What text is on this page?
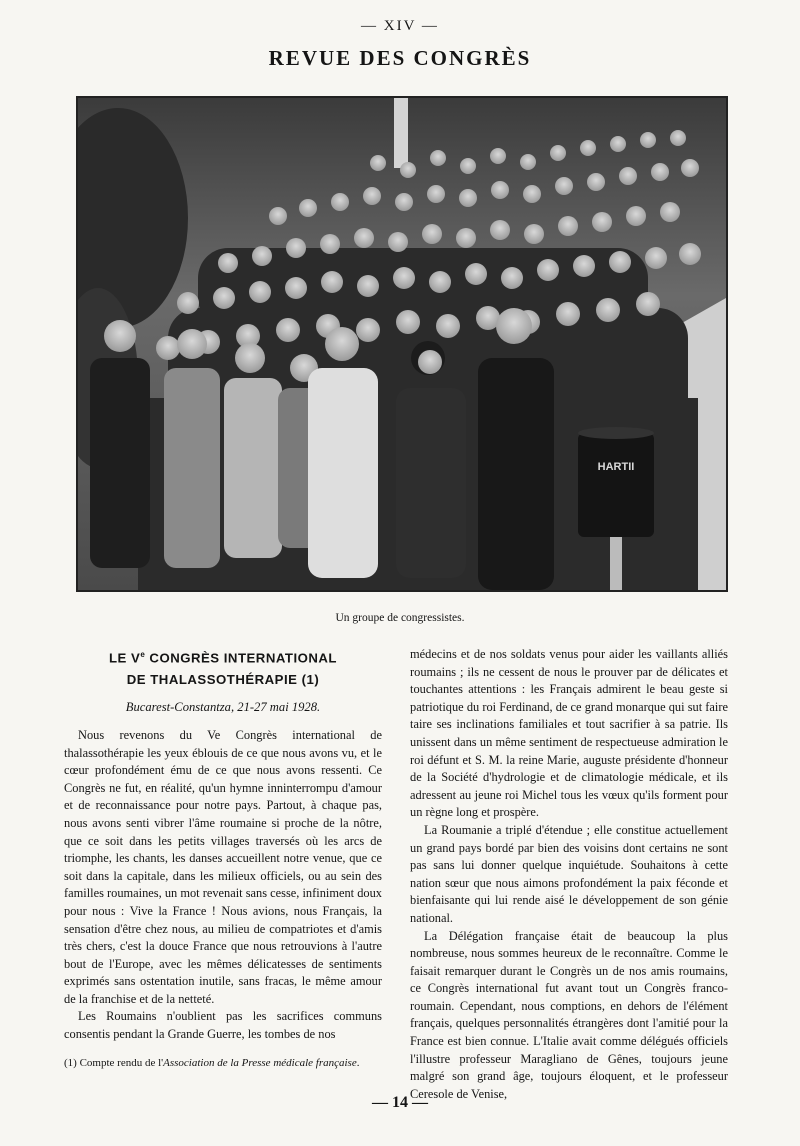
— XIV —
REVUE DES CONGRÈS
HARTII
Un groupe de congressistes.
LE Ve CONGRÈS INTERNATIONAL
DE THALASSOTHÉRAPIE (1)
Bucarest-Constantza, 21-27 mai 1928.

Nous revenons du Ve Congrès international de thalassothérapie les yeux éblouis de ce que nous avons vu, et le cœur profondément ému de ce que nous avons ressenti. Ce Congrès ne fut, en réalité, qu'un hymne inninterrompu d'amour et de reconnaissance pour notre pays. Partout, à chaque pas, nous avons senti vibrer l'âme roumaine si proche de la nôtre, que ce soit dans les petits villages traversés où les arcs de triomphe, les chants, les danses accueillent notre venue, que ce soit dans la capitale, dans les milieux officiels, ou au sein des familles roumaines, un mot revenait sans cesse, infiniment doux pour nous : Vive la France ! Nous avions, nous Français, la sensation d'être chez nous, au milieu de compatriotes et d'amis très chers, c'est la douce France que nous retrouvions à l'autre bout de l'Europe, avec les mêmes délicatesses de sentiments exprimés sans ostentation inutile, sans fracas, le même amour de la franchise et de la netteté.

Les Roumains n'oublient pas les sacrifices communs consentis pendant la Grande Guerre, les tombes de nos

(1) Compte rendu de l'Association de la Presse médicale française.

médecins et de nos soldats venus pour aider les vaillants alliés roumains ; ils ne cessent de nous le prouver par de délicates et touchantes attentions : les Français admirent le beau geste si patriotique du roi Ferdinand, de ce grand monarque qui sut faire taire ses inclinations familiales et tout sacrifier à sa patrie. Ils unissent dans un même sentiment de respectueuse admiration le roi défunt et S. M. la reine Marie, auguste présidente d'honneur de la Société d'hydrologie et de climatologie médicale, et ils adressent au jeune roi Michel tous les vœux qu'ils forment pour un règne long et prospère.

La Roumanie a triplé d'étendue ; elle constitue actuellement un grand pays bordé par bien des voisins dont certains ne sont pas sans lui donner quelque inquiétude. Souhaitons à cette nation sœur que nous aimons profondément la paix féconde et bienfaisante qui lui rende aisé le développement de son génie national.

La Délégation française était de beaucoup la plus nombreuse, nous sommes heureux de le reconnaître. Comme le faisait remarquer durant le Congrès un de nos amis roumains, ce Congrès international fut avant tout un Congrès franco-roumain. Cependant, nous comptions, en dehors de l'élément français, quelques personnalités étrangères dont l'amitié pour la France est bien connue. L'Italie avait comme délégués officiels l'illustre professeur Maragliano de Gênes, toujours jeune malgré son grand âge, toujours éloquent, et le professeur Ceresole de Venise,

— 14 —
